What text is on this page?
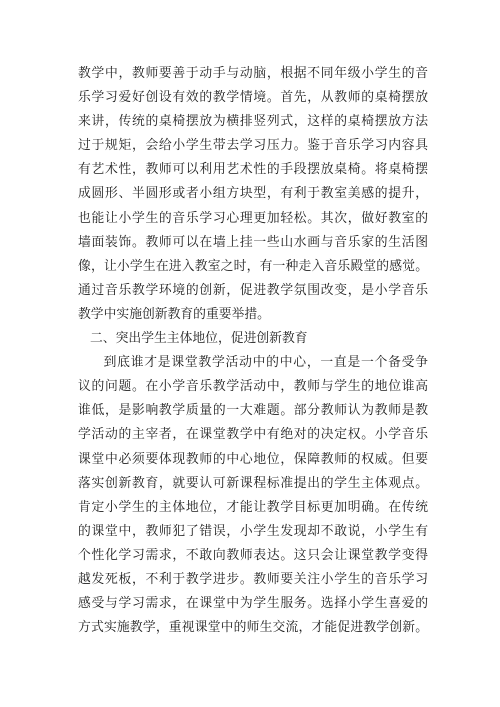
教学中，教师要善于动手与动脑，根据不同年级小学生的音
乐学习爱好创设有效的教学情境。首先，从教师的桌椅摆放
来讲，传统的桌椅摆放为横排竖列式，这样的桌椅摆放方法
过于规矩，会给小学生带去学习压力。鉴于音乐学习内容具
有艺术性，教师可以利用艺术性的手段摆放桌椅。将桌椅摆
成圆形、半圆形或者小组方块型，有利于教室美感的提升，
也能让小学生的音乐学习心理更加轻松。其次，做好教室的
墙面装饰。教师可以在墙上挂一些山水画与音乐家的生活图
像，让小学生在进入教室之时，有一种走入音乐殿堂的感觉。
通过音乐教学环境的创新，促进教学氛围改变，是小学音乐
教学中实施创新教育的重要举措。
二、突出学生主体地位，促进创新教育
到底谁才是课堂教学活动中的中心，一直是一个备受争
议的问题。在小学音乐教学活动中，教师与学生的地位谁高
谁低，是影响教学质量的一大难题。部分教师认为教师是教
学活动的主宰者，在课堂教学中有绝对的决定权。小学音乐
课堂中必须要体现教师的中心地位，保障教师的权威。但要
落实创新教育，就要认可新课程标准提出的学生主体观点。
肯定小学生的主体地位，才能让教学目标更加明确。在传统
的课堂中，教师犯了错误，小学生发现却不敢说，小学生有
个性化学习需求，不敢向教师表达。这只会让课堂教学变得
越发死板，不利于教学进步。教师要关注小学生的音乐学习
感受与学习需求，在课堂中为学生服务。选择小学生喜爱的
方式实施教学，重视课堂中的师生交流，才能促进教学创新。
